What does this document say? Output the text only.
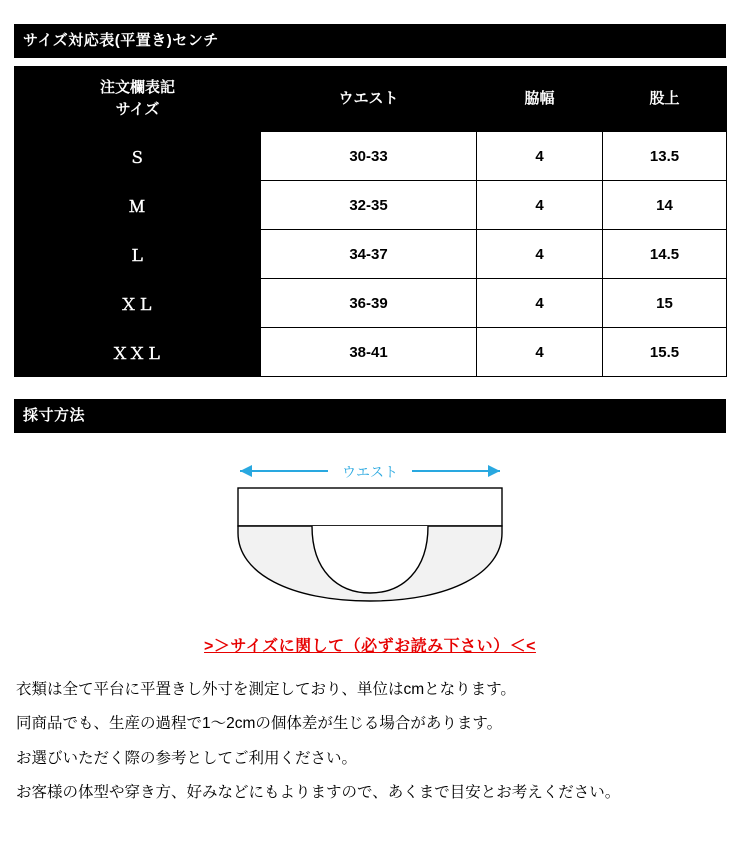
サイズ対応表(平置き)センチ
注文欄表記
サイズ	ウエスト	脇幅	股上
Ｓ	30-33	4	13.5
Ｍ	32-35	4	14
Ｌ	34-37	4	14.5
ＸＬ	36-39	4	15
ＸＸＬ	38-41	4	15.5
採寸方法
ウエスト
>＞サイズに関して（必ずお読み下さい）＜<

衣類は全て平台に平置きし外寸を測定しており、単位はcmとなります。

同商品でも、生産の過程で1～2cmの個体差が生じる場合があります。

お選びいただく際の参考としてご利用ください。

お客様の体型や穿き方、好みなどにもよりますので、あくまで目安とお考えください。
